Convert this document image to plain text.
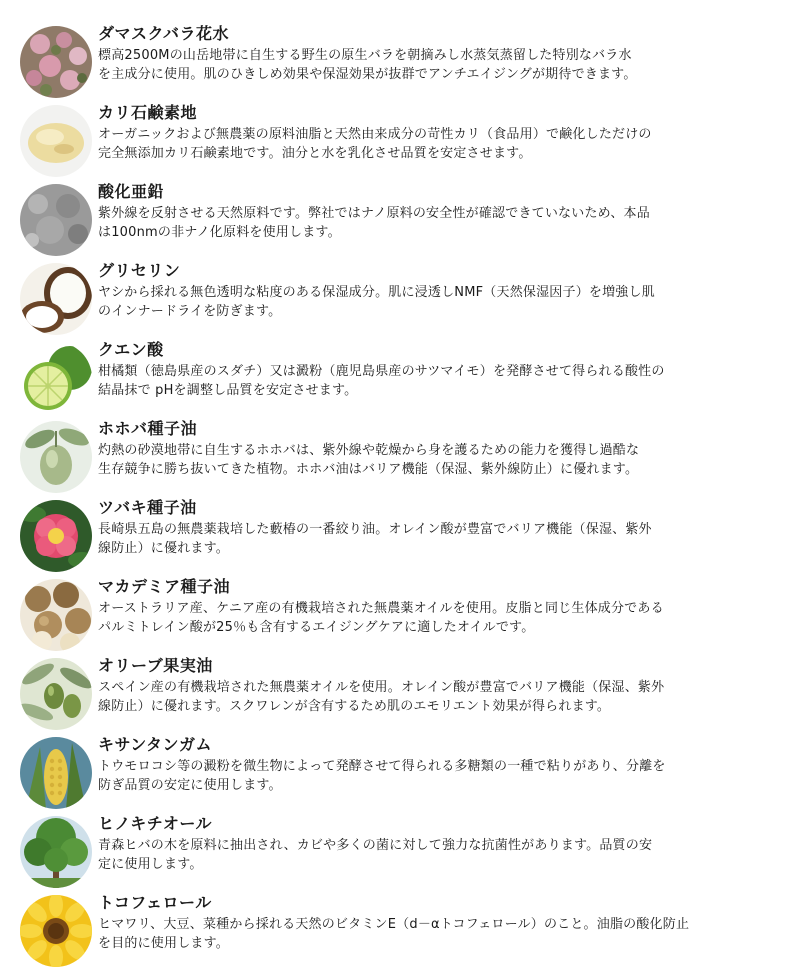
ダマスクバラ花水
標高2500Mの山岳地帯に自生する野生の原生バラを朝摘みし水蒸気蒸留した特別なバラ水
を主成分に使用。肌のひきしめ効果や保湿効果が抜群でアンチエイジングが期待できます。
カリ石鹸素地
オーガニックおよび無農薬の原料油脂と天然由来成分の苛性カリ（食品用）で鹸化しただけの
完全無添加カリ石鹸素地です。油分と水を乳化させ品質を安定させます。
酸化亜鉛
紫外線を反射させる天然原料です。弊社ではナノ原料の安全性が確認できていないため、本品
は100nmの非ナノ化原料を使用します。
グリセリン
ヤシから採れる無色透明な粘度のある保湿成分。肌に浸透しNMF（天然保湿因子）を増強し肌
のインナードライを防ぎます。
クエン酸
柑橘類（徳島県産のスダチ）又は澱粉（鹿児島県産のサツマイモ）を発酵させて得られる酸性の
結晶抹で pHを調整し品質を安定させます。
ホホバ種子油
灼熱の砂漠地帯に自生するホホバは、紫外線や乾燥から身を護るための能力を獲得し過酷な
生存競争に勝ち抜いてきた植物。ホホバ油はバリア機能（保湿、紫外線防止）に優れます。
ツバキ種子油
長崎県五島の無農薬栽培した藪椿の一番絞り油。オレイン酸が豊富でバリア機能（保湿、紫外
線防止）に優れます。
マカデミア種子油
オーストラリア産、ケニア産の有機栽培された無農薬オイルを使用。皮脂と同じ生体成分である
パルミトレイン酸が25％も含有するエイジングケアに適したオイルです。
オリーブ果実油
スペイン産の有機栽培された無農薬オイルを使用。オレイン酸が豊富でバリア機能（保湿、紫外
線防止）に優れます。スクワレンが含有するため肌のエモリエント効果が得られます。
キサンタンガム
トウモロコシ等の澱粉を微生物によって発酵させて得られる多糖類の一種で粘りがあり、分離を
防ぎ品質の安定に使用します。
ヒノキチオール
青森ヒバの木を原料に抽出され、カビや多くの菌に対して強力な抗菌性があります。品質の安
定に使用します。
トコフェロール
ヒマワリ、大豆、菜種から採れる天然のビタミンE（d－αトコフェロール）のこと。油脂の酸化防止
を目的に使用します。
